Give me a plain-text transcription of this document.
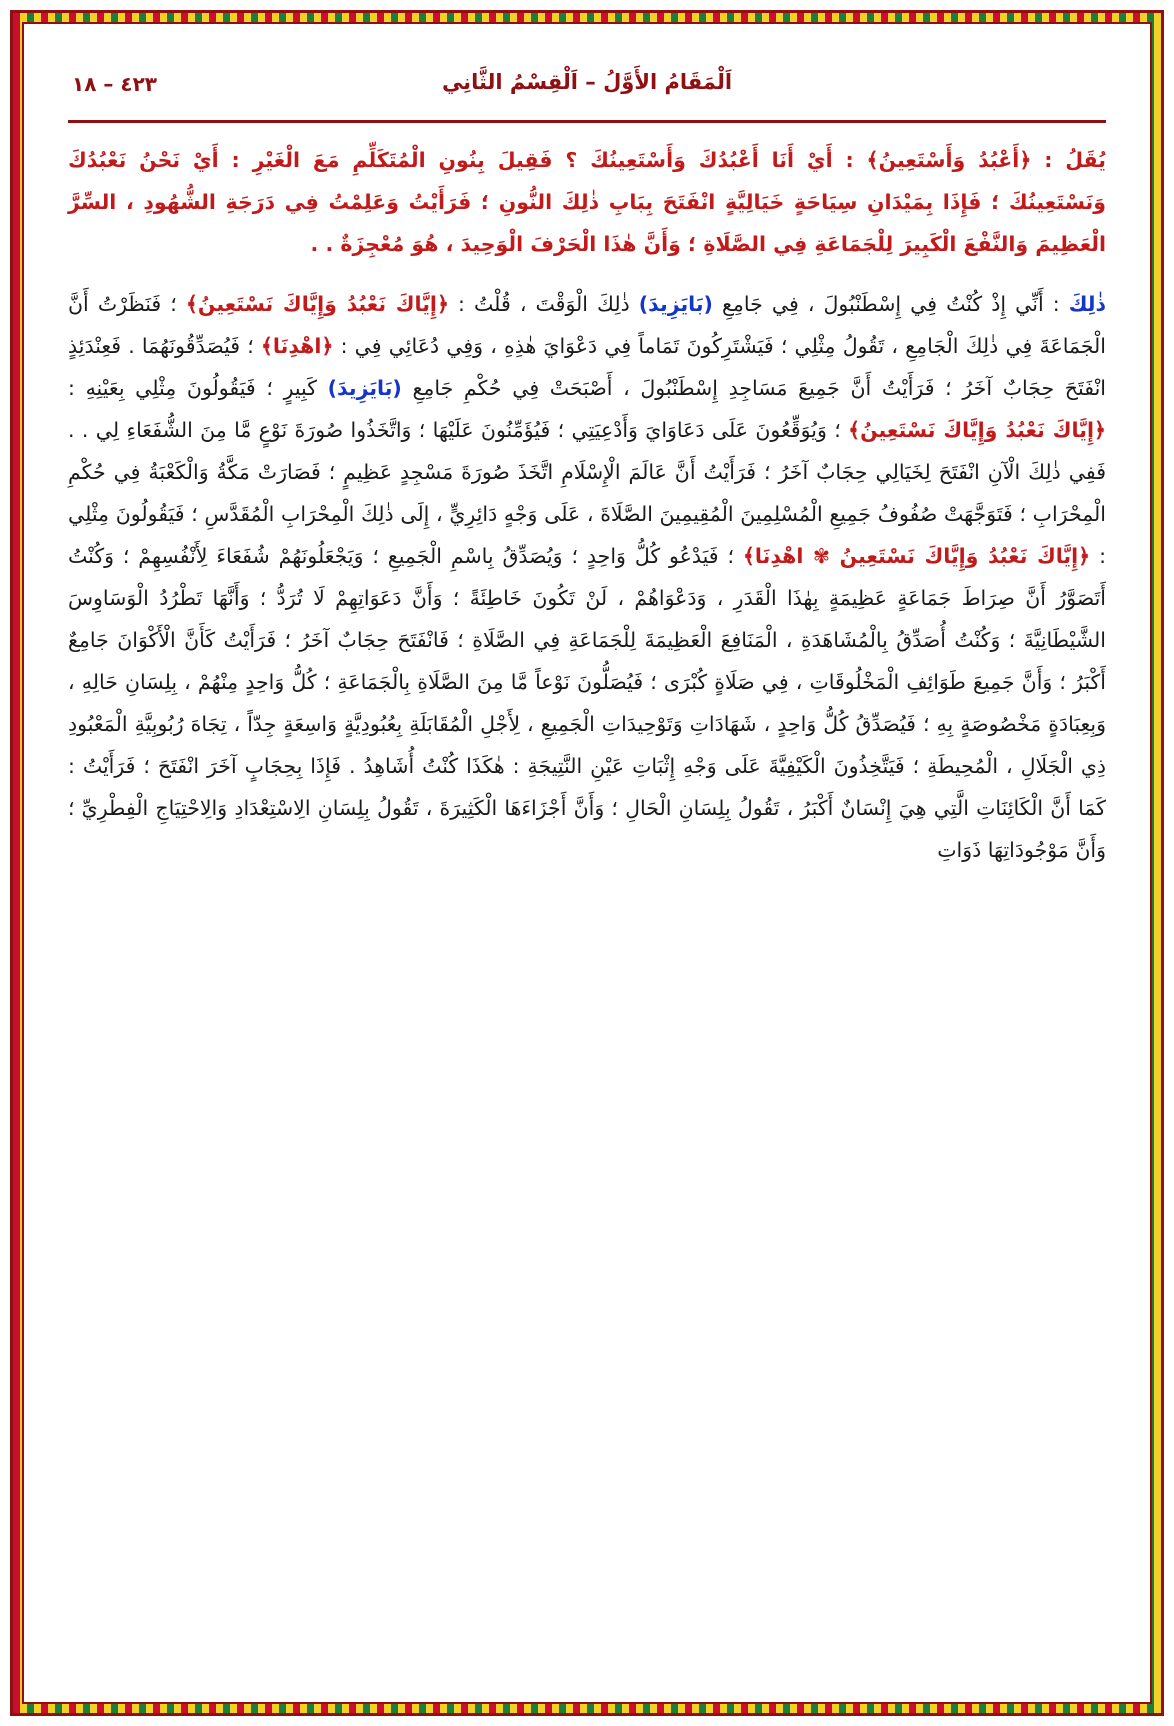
٤٢٣ – ١٨	اَلْمَقَامُ الأَوَّلُ – اَلْقِسْمُ الثَّانِي

يُقَلُ : ﴿أَعْبُدُ وَأَسْتَعِينُ﴾ : أَيْ أَنَا أَعْبُدُكَ وَأَسْتَعِينُكَ ؟ فَقِيلَ بِنُونِ الْمُتَكَلِّمِ مَعَ الْغَيْرِ : أَيْ نَحْنُ نَعْبُدُكَ وَنَسْتَعِينُكَ ؛ فَإِذَا بِمَيْدَانِ سِيَاحَةٍ خَيَالِيَّةٍ انْفَتَحَ بِبَابِ ذٰلِكَ النُّونِ ؛ فَرَأَيْتُ وَعَلِمْتُ فِي دَرَجَةِ الشُّهُودِ ، السِّرَّ الْعَظِيمَ وَالنَّفْعَ الْكَبِيرَ لِلْجَمَاعَةِ فِي الصَّلَاةِ ؛ وَأَنَّ هٰذَا الْحَرْفَ الْوَحِيدَ ، هُوَ مُعْجِزَةٌ . .

ذٰلِكَ : أَنِّي إِذْ كُنْتُ فِي إِسْطَنْبُولَ ، فِي جَامِعِ (بَايَزِيدَ) ذٰلِكَ الْوَقْتَ ، قُلْتُ : ﴿إِيَّاكَ نَعْبُدُ وَإِيَّاكَ نَسْتَعِينُ﴾ ؛ فَنَظَرْتُ أَنَّ الْجَمَاعَةَ فِي ذٰلِكَ الْجَامِعِ ، تَقُولُ مِثْلِي ؛ فَيَشْتَرِكُونَ تَمَاماً فِي دَعْوَايَ هٰذِهِ ، وَفِي دُعَائِي فِي : ﴿اهْدِنَا﴾ ؛ فَيُصَدِّقُونَهُمَا . فَعِنْدَئِذٍ انْفَتَحَ حِجَابٌ آخَرُ ؛ فَرَأَيْتُ أَنَّ جَمِيعَ مَسَاجِدِ إِسْطَنْبُولَ ، أَصْبَحَتْ فِي حُكْمِ جَامِعِ (بَايَزِيدَ) كَبِيرٍ ؛ فَيَقُولُونَ مِثْلِي بِعَيْنِهِ : ﴿إِيَّاكَ نَعْبُدُ وَإِيَّاكَ نَسْتَعِينُ﴾ ؛ وَيُوَقِّعُونَ عَلَى دَعَاوَايَ وَأَدْعِيَتِي ؛ فَيُؤَمِّنُونَ عَلَيْهَا ؛ وَاتَّخَذُوا صُورَةَ نَوْعٍ مَّا مِنَ الشُّفَعَاءِ لِي . . فَفِي ذٰلِكَ الْآنِ انْفَتَحَ لِخَيَالِي حِجَابٌ آخَرُ ؛ فَرَأَيْتُ أَنَّ عَالَمَ الْإِسْلَامِ اتَّخَذَ صُورَةَ مَسْجِدٍ عَظِيمٍ ؛ فَصَارَتْ مَكَّةُ وَالْكَعْبَةُ فِي حُكْمِ الْمِحْرَابِ ؛ فَتَوَجَّهَتْ صُفُوفُ جَمِيعِ الْمُسْلِمِينَ الْمُقِيمِينَ الصَّلَاةَ ، عَلَى وَجْهٍ دَائِرِيٍّ ، إِلَى ذٰلِكَ الْمِحْرَابِ الْمُقَدَّسِ ؛ فَيَقُولُونَ مِثْلِي : ﴿إِيَّاكَ نَعْبُدُ وَإِيَّاكَ نَسْتَعِينُ ✾ اهْدِنَا﴾ ؛ فَيَدْعُو كُلُّ وَاحِدٍ ؛ وَيُصَدِّقُ بِاسْمِ الْجَمِيعِ ؛ وَيَجْعَلُونَهُمْ شُفَعَاءَ لِأَنْفُسِهِمْ ؛ وَكُنْتُ أَتَصَوَّرُ أَنَّ صِرَاطَ جَمَاعَةٍ عَظِيمَةٍ بِهٰذَا الْقَدَرِ ، وَدَعْوَاهُمْ ، لَنْ تَكُونَ خَاطِئَةً ؛ وَأَنَّ دَعَوَاتِهِمْ لَا تُرَدُّ ؛ وَأَنَّهَا تَطْرُدُ الْوَسَاوِسَ الشَّيْطَانِيَّةَ ؛ وَكُنْتُ أُصَدِّقُ بِالْمُشَاهَدَةِ ، الْمَنَافِعَ الْعَظِيمَةَ لِلْجَمَاعَةِ فِي الصَّلَاةِ ؛ فَانْفَتَحَ حِجَابٌ آخَرُ ؛ فَرَأَيْتُ كَأَنَّ الْأَكْوَانَ جَامِعٌ أَكْبَرُ ؛ وَأَنَّ جَمِيعَ طَوَائِفِ الْمَخْلُوقَاتِ ، فِي صَلَاةٍ كُبْرَى ؛ فَيُصَلُّونَ نَوْعاً مَّا مِنَ الصَّلَاةِ بِالْجَمَاعَةِ ؛ كُلُّ وَاحِدٍ مِنْهُمْ ، بِلِسَانِ حَالِهِ ، وَبِعِبَادَةٍ مَخْصُوصَةٍ بِهِ ؛ فَيُصَدِّقُ كُلُّ وَاحِدٍ ، شَهَادَاتِ وَتَوْحِيدَاتِ الْجَمِيعِ ، لِأَجْلِ الْمُقَابَلَةِ بِعُبُودِيَّةٍ وَاسِعَةٍ جِدّاً ، تِجَاهَ رُبُوبِيَّةِ الْمَعْبُودِ ذِي الْجَلَالِ ، الْمُحِيطَةِ ؛ فَيَتَّخِذُونَ الْكَيْفِيَّةَ عَلَى وَجْهِ إِثْبَاتِ عَيْنِ النَّتِيجَةِ : هٰكَذَا كُنْتُ أُشَاهِدُ . فَإِذَا بِحِجَابٍ آخَرَ انْفَتَحَ ؛ فَرَأَيْتُ : كَمَا أَنَّ الْكَائِنَاتِ الَّتِي هِيَ إِنْسَانٌ أَكْبَرُ ، تَقُولُ بِلِسَانِ الْحَالِ ؛ وَأَنَّ أَجْزَاءَهَا الْكَثِيرَةَ ، تَقُولُ بِلِسَانِ الِاسْتِعْدَادِ وَالِاحْتِيَاجِ الْفِطْرِيِّ ؛ وَأَنَّ مَوْجُودَاتِهَا ذَوَاتِ
